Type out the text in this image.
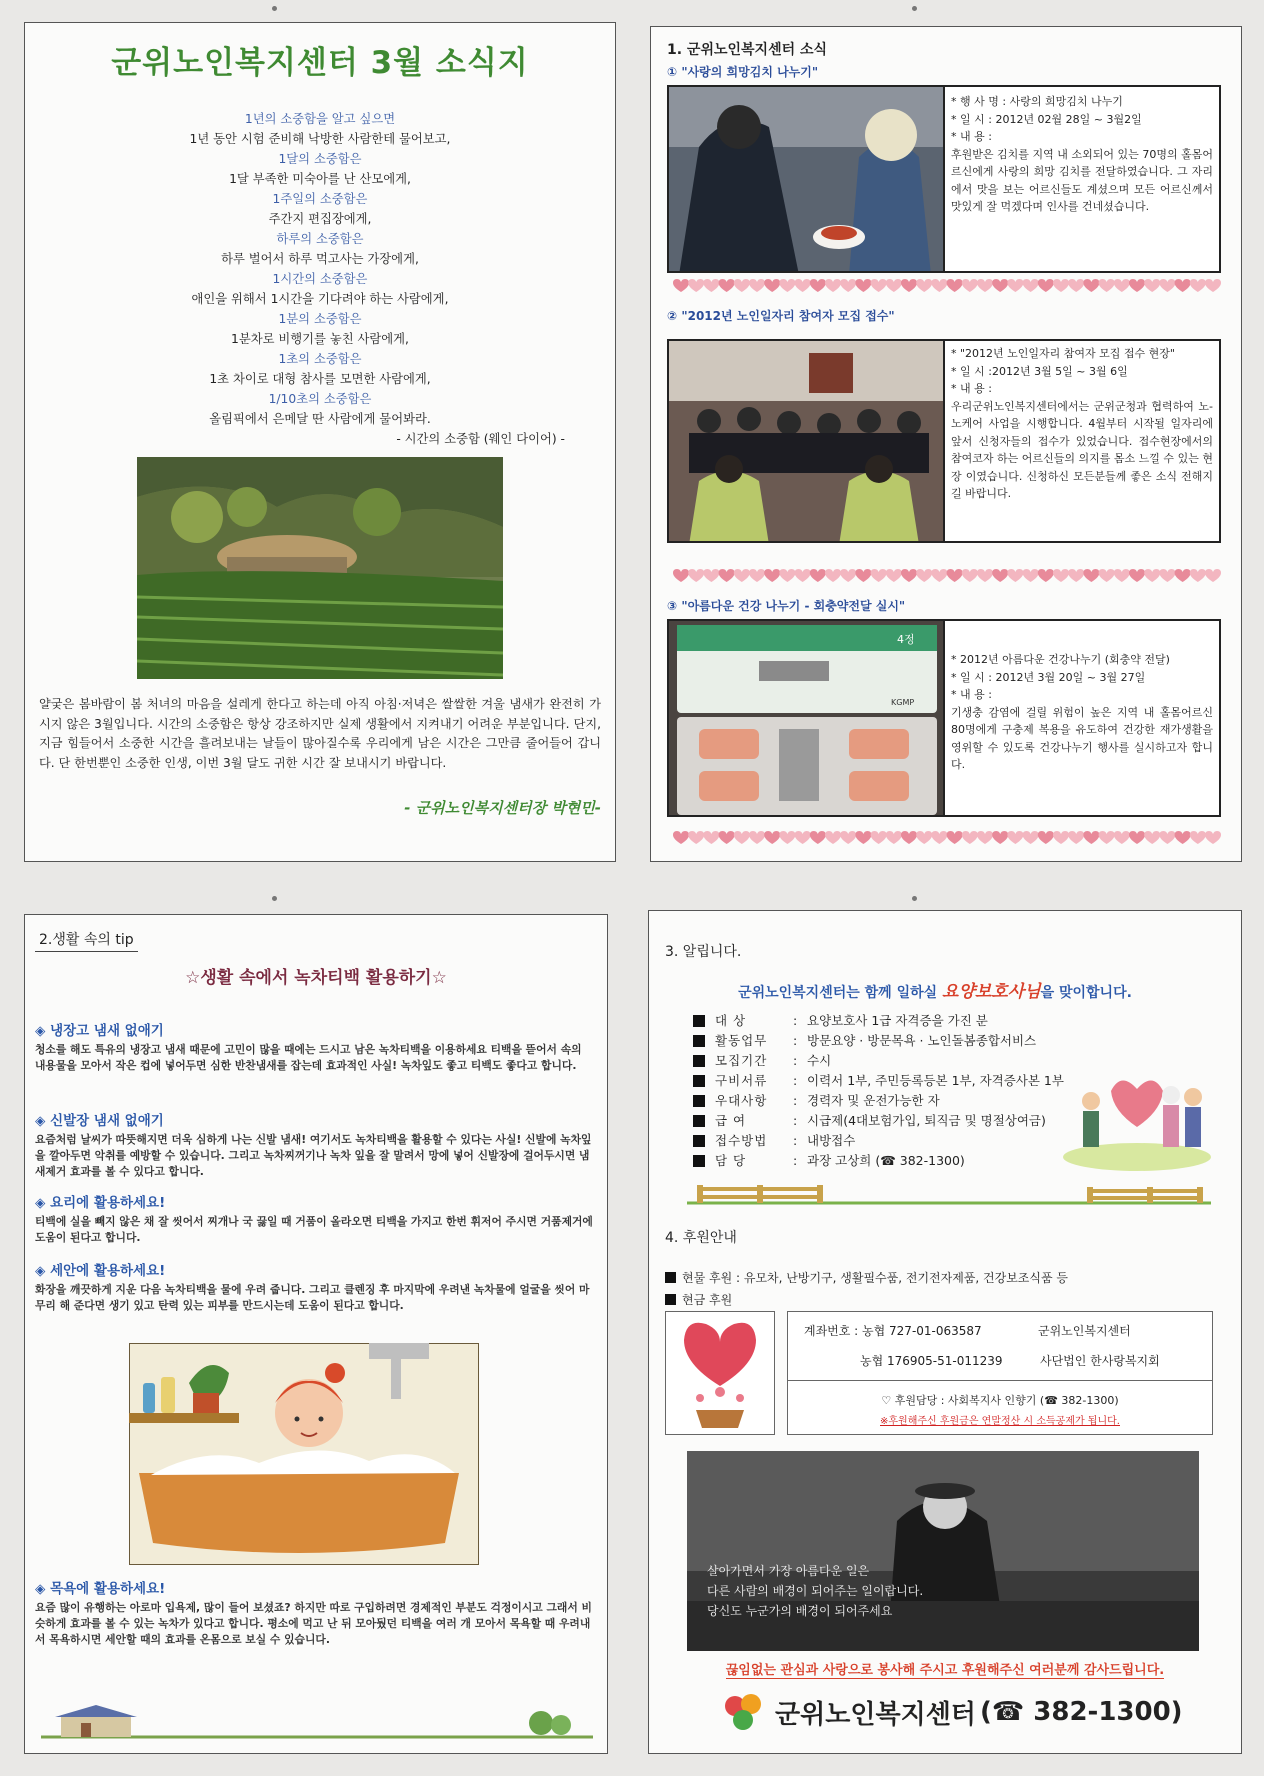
군위노인복지센터 3월 소식지
1년의 소중함을 알고 싶으면
1년 동안 시험 준비해 낙방한 사람한테 물어보고,
1달의 소중함은
1달 부족한 미숙아를 난 산모에게,
1주일의 소중함은
주간지 편집장에게,
하루의 소중함은
하루 벌어서 하루 먹고사는 가장에게,
1시간의 소중함은
애인을 위해서 1시간을 기다려야 하는 사람에게,
1분의 소중함은
1분차로 비행기를 놓친 사람에게,
1초의 소중함은
1초 차이로 대형 참사를 모면한 사람에게,
1/10초의 소중함은
올림픽에서 은메달 딴 사람에게 물어봐라.
- 시간의 소중함 (웨인 다이어) -

얄궂은 봄바람이 봄 처녀의 마음을 설레게 한다고 하는데 아직 아침·저녁은 쌀쌀한 겨울 냄새가 완전히 가시지 않은 3월입니다. 시간의 소중함은 항상 강조하지만 실제 생활에서 지켜내기 어려운 부분입니다. 단지, 지금 힘들어서 소중한 시간을 흘려보내는 날들이 많아질수록 우리에게 남은 시간은 그만큼 줄어들어 갑니다. 단 한번뿐인 소중한 인생, 이번 3월 달도 귀한 시간 잘 보내시기 바랍니다.

- 군위노인복지센터장 박현민-
1. 군위노인복지센터 소식
① "사랑의 희망김치 나누기"
* 행 사 명 : 사랑의 희망김치 나누기
* 일 시 : 2012년 02월 28일 ~ 3월2일
* 내 용 :
후원받은 김치를 지역 내 소외되어 있는 70명의 홀몸어르신에게 사랑의 희망 김치를 전달하였습니다. 그 자리에서 맛을 보는 어르신들도 계셨으며 모든 어르신께서 맛있게 잘 먹겠다며 인사를 건네셨습니다.
② "2012년 노인일자리 참여자 모집 접수"
* "2012년 노인일자리 참여자 모집 접수 현장"
* 일 시 :2012년 3월 5일 ~ 3월 6일
* 내 용 :
우리군위노인복지센터에서는 군위군청과 협력하여 노-노케어 사업을 시행합니다. 4월부터 시작될 일자리에 앞서 신청자들의 접수가 있었습니다. 접수현장에서의 참여코자 하는 어르신들의 의지를 몸소 느낄 수 있는 현장 이였습니다. 신청하신 모든분들께 좋은 소식 전해지길 바랍니다.
③ "아름다운 건강 나누기 - 회충약전달 실시"
4정
KGMP
* 2012년 아름다운 건강나누기 (회충약 전달)
* 일 시 : 2012년 3월 20일 ~ 3월 27일
* 내 용 :
기생충 감염에 걸릴 위험이 높은 지역 내 홀몸어르신 80명에게 구충제 복용을 유도하여 건강한 재가생활을 영위할 수 있도록 건강나누기 행사를 실시하고자 합니다.
2.생활 속의 tip
☆생활 속에서 녹차티백 활용하기☆
◈ 냉장고 냄새 없애기

청소를 해도 특유의 냉장고 냄새 때문에 고민이 많을 때에는 드시고 남은 녹차티백을 이용하세요 티백을 뜯어서 속의 내용물을 모아서 작은 컵에 넣어두면 심한 반찬냄새를 잡는데 효과적인 사실! 녹차잎도 좋고 티백도 좋다고 합니다.

◈ 신발장 냄새 없애기

요즘처럼 날씨가 따뜻해지면 더욱 심하게 나는 신발 냄새! 여기서도 녹차티백을 활용할 수 있다는 사실! 신발에 녹차잎을 깔아두면 악취를 예방할 수 있습니다. 그리고 녹차찌꺼기나 녹차 잎을 잘 말려서 망에 넣어 신발장에 걸어두시면 냄새제거 효과를 볼 수 있다고 합니다.

◈ 요리에 활용하세요!

티백에 실을 빼지 않은 채 잘 씻어서 찌개나 국 끓일 때 거품이 올라오면 티백을 가지고 한번 휘저어 주시면 거품제거에 도움이 된다고 합니다.

◈ 세안에 활용하세요!

화장을 깨끗하게 지운 다음 녹차티백을 물에 우려 줍니다. 그리고 클렌징 후 마지막에 우려낸 녹차물에 얼굴을 씻어 마무리 해 준다면 생기 있고 탄력 있는 피부를 만드시는데 도움이 된다고 합니다.

◈ 목욕에 활용하세요!

요즘 많이 유행하는 아로마 입욕제, 많이 들어 보셨죠? 하지만 따로 구입하려면 경제적인 부분도 걱정이시고 그래서 비슷하게 효과를 볼 수 있는 녹차가 있다고 합니다. 평소에 먹고 난 뒤 모아뒀던 티백을 여러 개 모아서 목욕할 때 우려내서 목욕하시면 세안할 때의 효과를 온몸으로 보실 수 있습니다.

3. 알립니다.
군위노인복지센터는 함께 일하실 요양보호사님을 맞이합니다.
대 상	: 요양보호사 1급 자격증을 가진 분
활동업무	: 방문요양 · 방문목욕 · 노인돌봄종합서비스
모집기간	: 수시
구비서류	: 이력서 1부, 주민등록등본 1부, 자격증사본 1부
우대사항	: 경력자 및 운전가능한 자
급 여	: 시급제(4대보험가입, 퇴직금 및 명절상여금)
접수방법	: 내방접수
담 당	: 과장 고상희 (☎ 382-1300)
4. 후원안내
현물 후원 : 유모차, 난방기구, 생활필수품, 전기전자제품, 건강보조식품 등
현금 후원
계좌번호 : 농협 727-01-063587	군위노인복지센터
농협 176905-51-011239	사단법인 한사랑복지회
♡ 후원담당 : 사회복지사 인향기 (☎ 382-1300)
※후원해주신 후원금은 연말정산 시 소득공제가 됩니다.
살아가면서 가장 아름다운 일은
다른 사람의 배경이 되어주는 일이랍니다.
당신도 누군가의 배경이 되어주세요
끊임없는 관심과 사랑으로 봉사해 주시고 후원해주신 여러분께 감사드립니다.
군위노인복지센터 (☎ 382-1300)
